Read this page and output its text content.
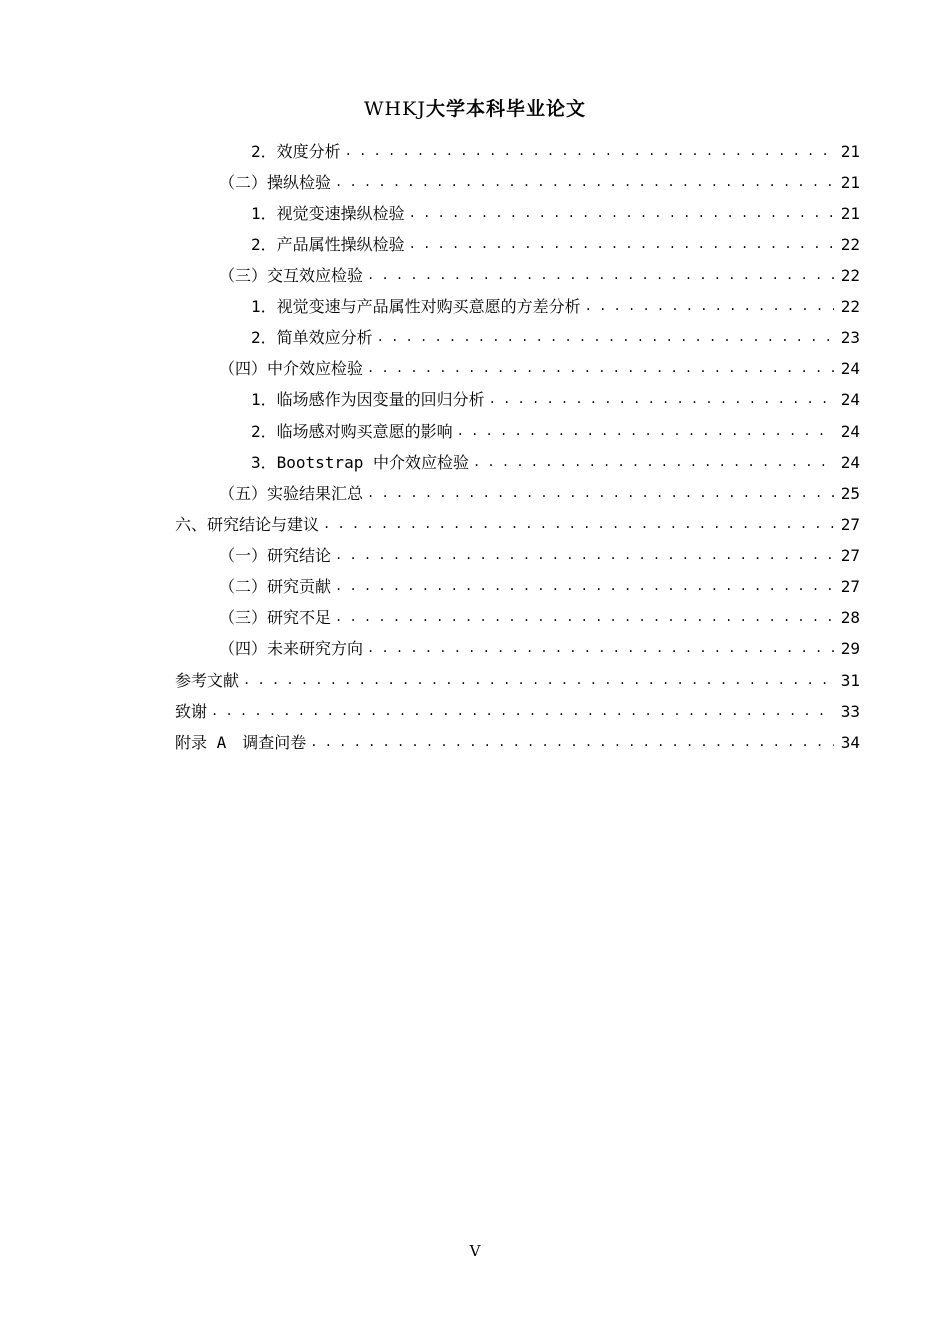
WHKJ大学本科毕业论文
2．效度分析 . . .	21
（二）操纵检验 . . .	21
1．视觉变速操纵检验 . . .	21
2．产品属性操纵检验 . . .	22
（三）交互效应检验 . . .	22
1．视觉变速与产品属性对购买意愿的方差分析 . . .	22
2．简单效应分析 . . .	23
（四）中介效应检验 . . .	24
1．临场感作为因变量的回归分析 . . .	24
2．临场感对购买意愿的影响 . . .	24
3．Bootstrap 中介效应检验 . . .	24
（五）实验结果汇总 . . .	25
六、研究结论与建议 . . .	27
（一）研究结论 . . .	27
（二）研究贡献 . . .	27
（三）研究不足 . . .	28
（四）未来研究方向 . . .	29
参考文献 . . .	31
致谢 . . .	33
附录 A　调查问卷 . . .	34
V
